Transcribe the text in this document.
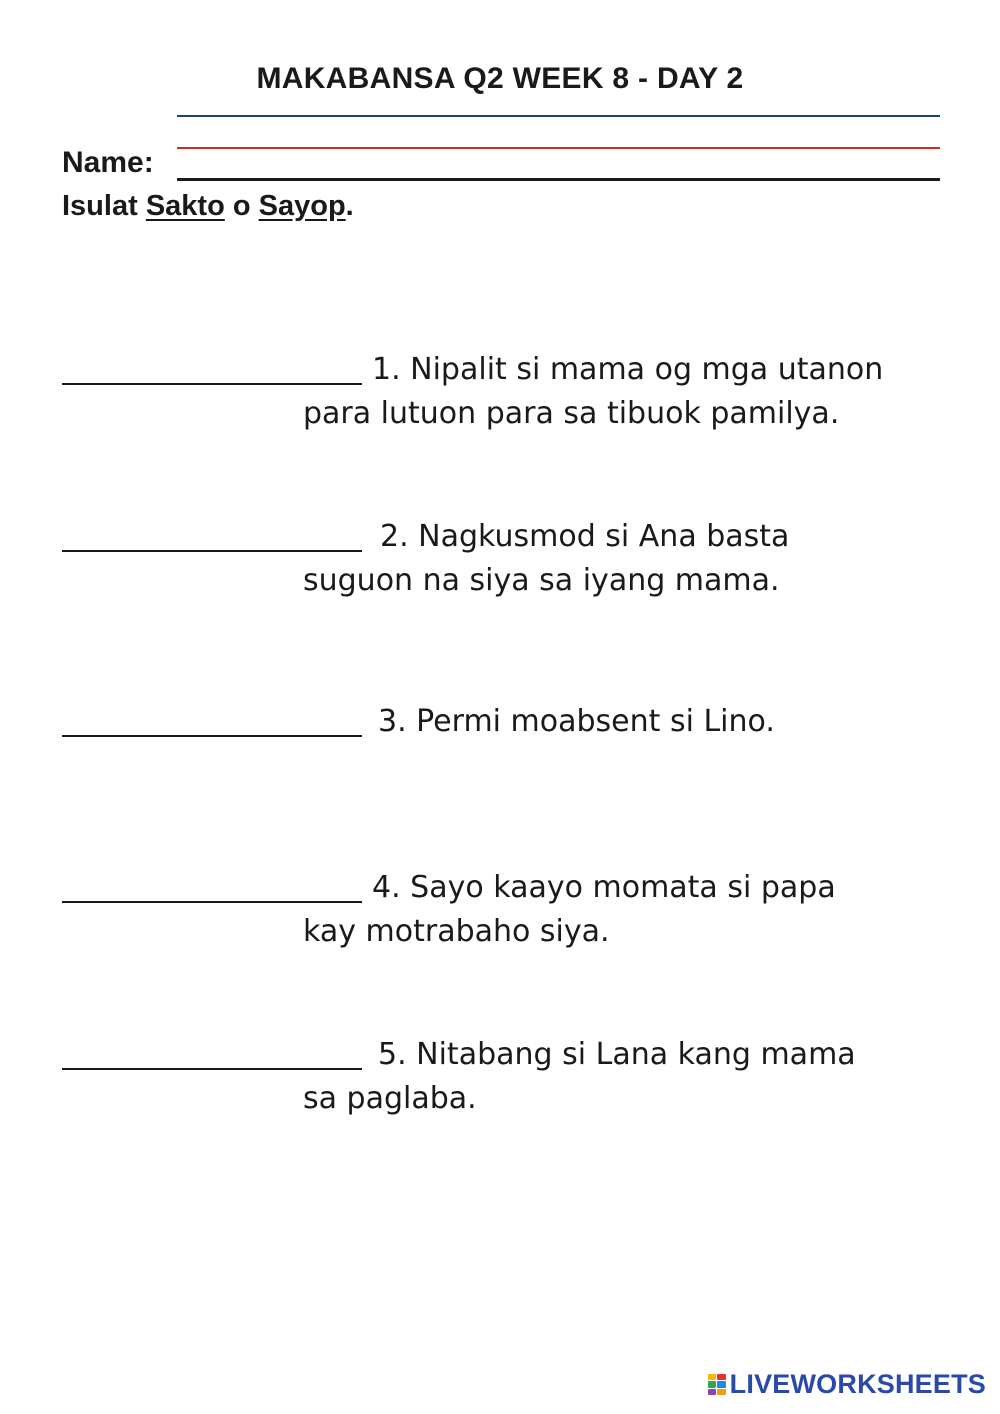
MAKABANSA Q2 WEEK 8 - DAY 2
Name:
Isulat Sakto o Sayop.
1. Nipalit si mama og mga utanon
para lutuon para sa tibuok pamilya.
2. Nagkusmod si Ana basta
suguon na siya sa iyang mama.
3. Permi moabsent si Lino.
4. Sayo kaayo momata si papa
kay motrabaho siya.
5. Nitabang si Lana kang mama
sa paglaba.
LIVEWORKSHEETS
